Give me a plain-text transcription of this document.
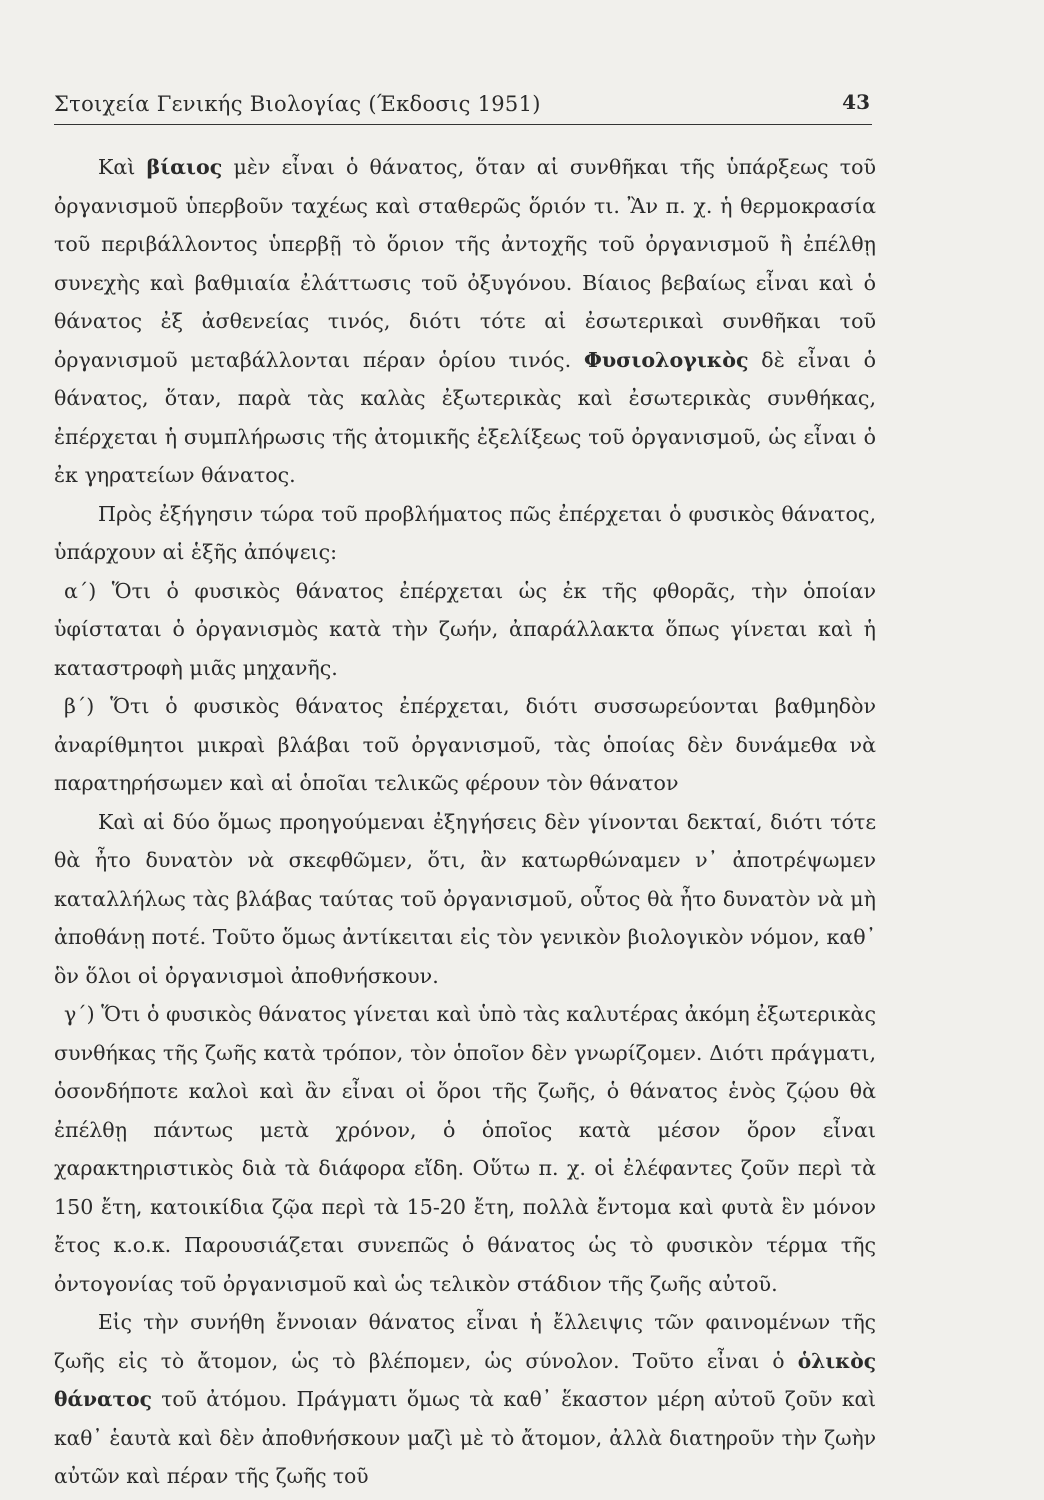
Στοιχεία Γενικής Βιολογίας (Έκδοσις 1951)	43

Καὶ βίαιος μὲν εἶναι ὁ θάνατος, ὅταν αἱ συνθῆκαι τῆς ὑπάρξεως τοῦ ὀργανισμοῦ ὑπερβοῦν ταχέως καὶ σταθερῶς ὅριόν τι. Ἂν π. χ. ἡ θερμοκρασία τοῦ περιβάλλοντος ὑπερβῇ τὸ ὅριον τῆς ἀντοχῆς τοῦ ὀργανισμοῦ ἢ ἐπέλθῃ συνεχὴς καὶ βαθμιαία ἐλάττωσις τοῦ ὀξυγόνου. Βίαιος βεβαίως εἶναι καὶ ὁ θάνατος ἐξ ἀσθενείας τινός, διότι τότε αἱ ἐσωτερικαὶ συνθῆκαι τοῦ ὀργανισμοῦ μεταβάλλονται πέραν ὁρίου τινός. Φυσιολογικὸς δὲ εἶναι ὁ θάνατος, ὅταν, παρὰ τὰς καλὰς ἐξωτερικὰς καὶ ἐσωτερικὰς συνθήκας, ἐπέρχεται ἡ συμπλήρωσις τῆς ἀτομικῆς ἐξελίξεως τοῦ ὀργανισμοῦ, ὡς εἶναι ὁ ἐκ γηρατείων θάνατος.

Πρὸς ἐξήγησιν τώρα τοῦ προβλήματος πῶς ἐπέρχεται ὁ φυσικὸς θάνατος, ὑπάρχουν αἱ ἑξῆς ἀπόψεις:

α΄) Ὅτι ὁ φυσικὸς θάνατος ἐπέρχεται ὡς ἐκ τῆς φθορᾶς, τὴν ὁποίαν ὑφίσταται ὁ ὀργανισμὸς κατὰ τὴν ζωήν, ἀπαράλλακτα ὅπως γίνεται καὶ ἡ καταστροφὴ μιᾶς μηχανῆς.

β΄) Ὅτι ὁ φυσικὸς θάνατος ἐπέρχεται, διότι συσσωρεύονται βαθμηδὸν ἀναρίθμητοι μικραὶ βλάβαι τοῦ ὀργανισμοῦ, τὰς ὁποίας δὲν δυνάμεθα νὰ παρατηρήσωμεν καὶ αἱ ὁποῖαι τελικῶς φέρουν τὸν θάνατον

Καὶ αἱ δύο ὅμως προηγούμεναι ἐξηγήσεις δὲν γίνονται δεκταί, διότι τότε θὰ ἦτο δυνατὸν νὰ σκεφθῶμεν, ὅτι, ἂν κατωρθώναμεν ν᾽ ἀποτρέψωμεν καταλλήλως τὰς βλάβας ταύτας τοῦ ὀργανισμοῦ, οὗτος θὰ ἦτο δυνατὸν νὰ μὴ ἀποθάνῃ ποτέ. Τοῦτο ὅμως ἀντίκειται εἰς τὸν γενικὸν βιολογικὸν νόμον, καθ᾽ ὃν ὅλοι οἱ ὀργανισμοὶ ἀποθνήσκουν.

γ΄) Ὅτι ὁ φυσικὸς θάνατος γίνεται καὶ ὑπὸ τὰς καλυτέρας ἀκόμη ἐξωτερικὰς συνθήκας τῆς ζωῆς κατὰ τρόπον, τὸν ὁποῖον δὲν γνωρίζομεν. Διότι πράγματι, ὁσονδήποτε καλοὶ καὶ ἂν εἶναι οἱ ὅροι τῆς ζωῆς, ὁ θάνατος ἑνὸς ζῴου θὰ ἐπέλθῃ πάντως μετὰ χρόνον, ὁ ὁποῖος κατὰ μέσον ὅρον εἶναι χαρακτηριστικὸς διὰ τὰ διάφορα εἴδη. Οὕτω π. χ. οἱ ἐλέφαντες ζοῦν περὶ τὰ 150 ἔτη, κατοικίδια ζῷα περὶ τὰ 15-20 ἔτη, πολλὰ ἔντομα καὶ φυτὰ ἓν μόνον ἔτος κ.ο.κ. Παρουσιάζεται συνεπῶς ὁ θάνατος ὡς τὸ φυσικὸν τέρμα τῆς ὀντογονίας τοῦ ὀργανισμοῦ καὶ ὡς τελικὸν στάδιον τῆς ζωῆς αὐτοῦ.

Εἰς τὴν συνήθη ἔννοιαν θάνατος εἶναι ἡ ἔλλειψις τῶν φαινομένων τῆς ζωῆς εἰς τὸ ἄτομον, ὡς τὸ βλέπομεν, ὡς σύνολον. Τοῦτο εἶναι ὁ ὁλικὸς θάνατος τοῦ ἀτόμου. Πράγματι ὅμως τὰ καθ᾽ ἕκαστον μέρη αὐτοῦ ζοῦν καὶ καθ᾽ ἑαυτὰ καὶ δὲν ἀποθνήσκουν μαζὶ μὲ τὸ ἄτομον, ἀλλὰ διατηροῦν τὴν ζωὴν αὐτῶν καὶ πέραν τῆς ζωῆς τοῦ
